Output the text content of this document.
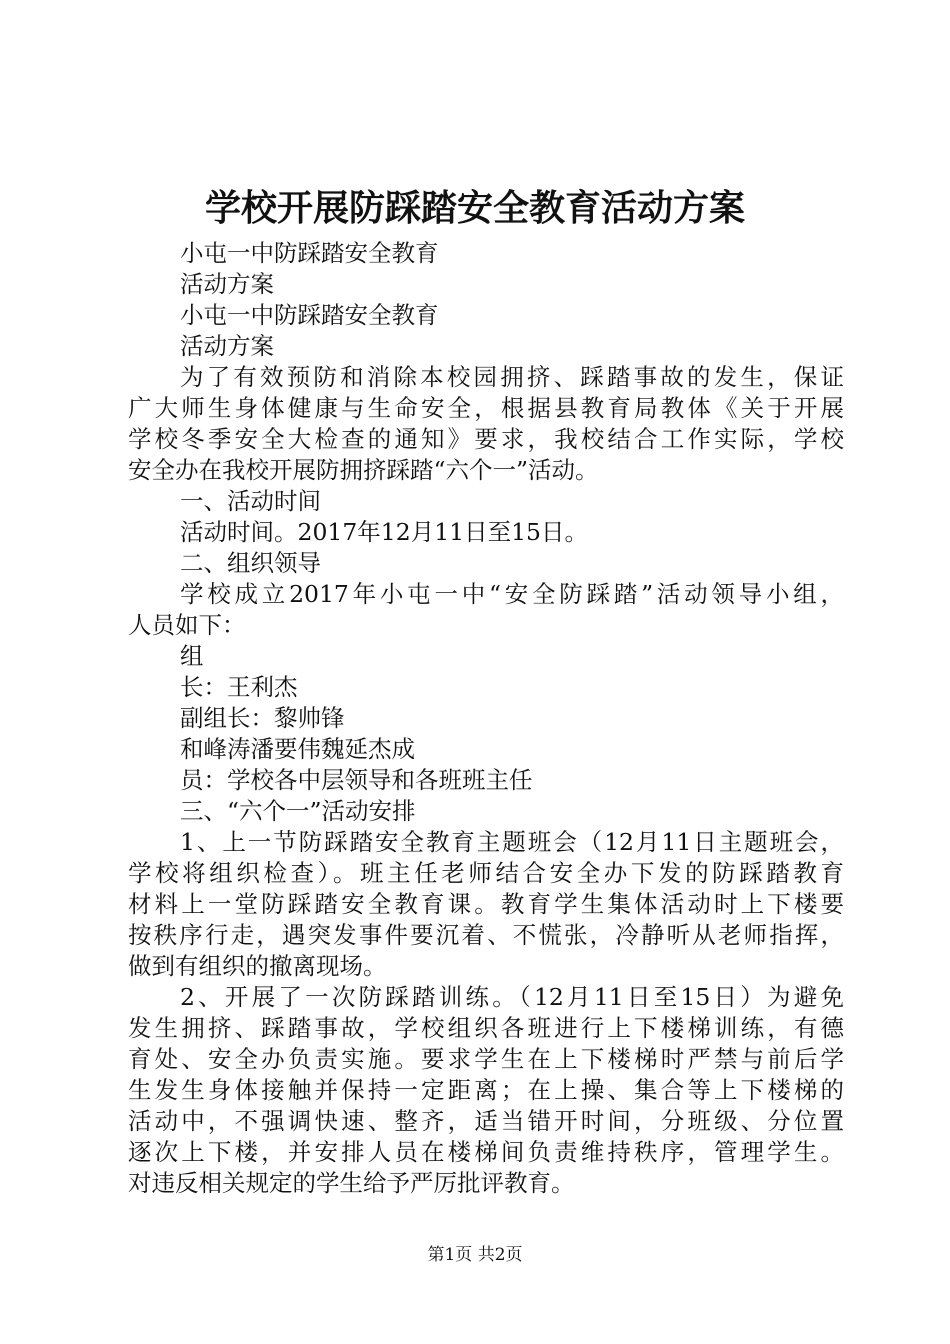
学校开展防踩踏安全教育活动方案
小屯一中防踩踏安全教育
活动方案
小屯一中防踩踏安全教育
活动方案
为了有效预防和消除本校园拥挤、踩踏事故的发生，保证
广大师生身体健康与生命安全，根据县教育局教体《关于开展
学校冬季安全大检查的通知》要求，我校结合工作实际，学校
安全办在我校开展防拥挤踩踏“六个一”活动。
一、活动时间
活动时间。2017年12月11日至15日。
二、组织领导
学校成立2017年小屯一中“安全防踩踏”活动领导小组，
人员如下：
组
长：王利杰
副组长：黎帅锋
和峰涛潘要伟魏延杰成
员：学校各中层领导和各班班主任
三、“六个一”活动安排
1、上一节防踩踏安全教育主题班会（12月11日主题班会，
学校将组织检查）。班主任老师结合安全办下发的防踩踏教育
材料上一堂防踩踏安全教育课。教育学生集体活动时上下楼要
按秩序行走，遇突发事件要沉着、不慌张，冷静听从老师指挥，
做到有组织的撤离现场。
2、开展了一次防踩踏训练。（12月11日至15日）为避免
发生拥挤、踩踏事故，学校组织各班进行上下楼梯训练，有德
育处、安全办负责实施。要求学生在上下楼梯时严禁与前后学
生发生身体接触并保持一定距离；在上操、集合等上下楼梯的
活动中，不强调快速、整齐，适当错开时间，分班级、分位置
逐次上下楼，并安排人员在楼梯间负责维持秩序，管理学生。
对违反相关规定的学生给予严厉批评教育。
第1页 共2页
